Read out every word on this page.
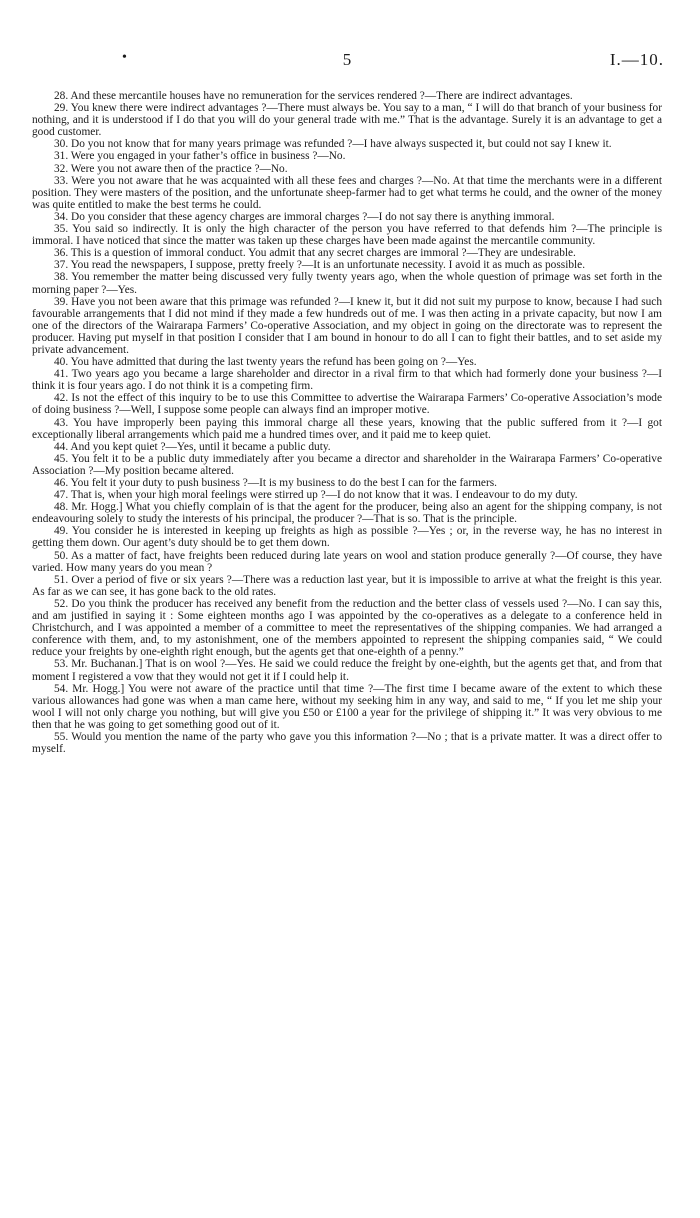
•	5	I.—10.

28. And these mercantile houses have no remuneration for the services rendered ?—There are indirect advantages.

29. You knew there were indirect advantages ?—There must always be. You say to a man, “ I will do that branch of your business for nothing, and it is understood if I do that you will do your general trade with me.” That is the advantage. Surely it is an advantage to get a good customer.

30. Do you not know that for many years primage was refunded ?—I have always suspected it, but could not say I knew it.

31. Were you engaged in your father’s office in business ?—No.

32. Were you not aware then of the practice ?—No.

33. Were you not aware that he was acquainted with all these fees and charges ?—No. At that time the merchants were in a different position. They were masters of the position, and the unfortunate sheep-farmer had to get what terms he could, and the owner of the money was quite entitled to make the best terms he could.

34. Do you consider that these agency charges are immoral charges ?—I do not say there is anything immoral.

35. You said so indirectly. It is only the high character of the person you have referred to that defends him ?—The principle is immoral. I have noticed that since the matter was taken up these charges have been made against the mercantile community.

36. This is a question of immoral conduct. You admit that any secret charges are immoral ?—They are undesirable.

37. You read the newspapers, I suppose, pretty freely ?—It is an unfortunate necessity. I avoid it as much as possible.

38. You remember the matter being discussed very fully twenty years ago, when the whole question of primage was set forth in the morning paper ?—Yes.

39. Have you not been aware that this primage was refunded ?—I knew it, but it did not suit my purpose to know, because I had such favourable arrangements that I did not mind if they made a few hundreds out of me. I was then acting in a private capacity, but now I am one of the directors of the Wairarapa Farmers’ Co-operative Association, and my object in going on the directorate was to represent the producer. Having put myself in that position I consider that I am bound in honour to do all I can to fight their battles, and to set aside my private advancement.

40. You have admitted that during the last twenty years the refund has been going on ?—Yes.

41. Two years ago you became a large shareholder and director in a rival firm to that which had formerly done your business ?—I think it is four years ago. I do not think it is a competing firm.

42. Is not the effect of this inquiry to be to use this Committee to advertise the Wairarapa Farmers’ Co-operative Association’s mode of doing business ?—Well, I suppose some people can always find an improper motive.

43. You have improperly been paying this immoral charge all these years, knowing that the public suffered from it ?—I got exceptionally liberal arrangements which paid me a hundred times over, and it paid me to keep quiet.

44. And you kept quiet ?—Yes, until it became a public duty.

45. You felt it to be a public duty immediately after you became a director and shareholder in the Wairarapa Farmers’ Co-operative Association ?—My position became altered.

46. You felt it your duty to push business ?—It is my business to do the best I can for the farmers.

47. That is, when your high moral feelings were stirred up ?—I do not know that it was. I endeavour to do my duty.

48. Mr. Hogg.] What you chiefly complain of is that the agent for the producer, being also an agent for the shipping company, is not endeavouring solely to study the interests of his principal, the producer ?—That is so. That is the principle.

49. You consider he is interested in keeping up freights as high as possible ?—Yes ; or, in the reverse way, he has no interest in getting them down. Our agent’s duty should be to get them down.

50. As a matter of fact, have freights been reduced during late years on wool and station produce generally ?—Of course, they have varied. How many years do you mean ?

51. Over a period of five or six years ?—There was a reduction last year, but it is impossible to arrive at what the freight is this year. As far as we can see, it has gone back to the old rates.

52. Do you think the producer has received any benefit from the reduction and the better class of vessels used ?—No. I can say this, and am justified in saying it : Some eighteen months ago I was appointed by the co-operatives as a delegate to a conference held in Christchurch, and I was appointed a member of a committee to meet the representatives of the shipping companies. We had arranged a conference with them, and, to my astonishment, one of the members appointed to represent the shipping companies said, “ We could reduce your freights by one-eighth right enough, but the agents get that one-eighth of a penny.”

53. Mr. Buchanan.] That is on wool ?—Yes. He said we could reduce the freight by one-eighth, but the agents get that, and from that moment I registered a vow that they would not get it if I could help it.

54. Mr. Hogg.] You were not aware of the practice until that time ?—The first time I became aware of the extent to which these various allowances had gone was when a man came here, without my seeking him in any way, and said to me, “ If you let me ship your wool I will not only charge you nothing, but will give you £50 or £100 a year for the privilege of shipping it.” It was very obvious to me then that he was going to get something good out of it.

55. Would you mention the name of the party who gave you this information ?—No ; that is a private matter. It was a direct offer to myself.
